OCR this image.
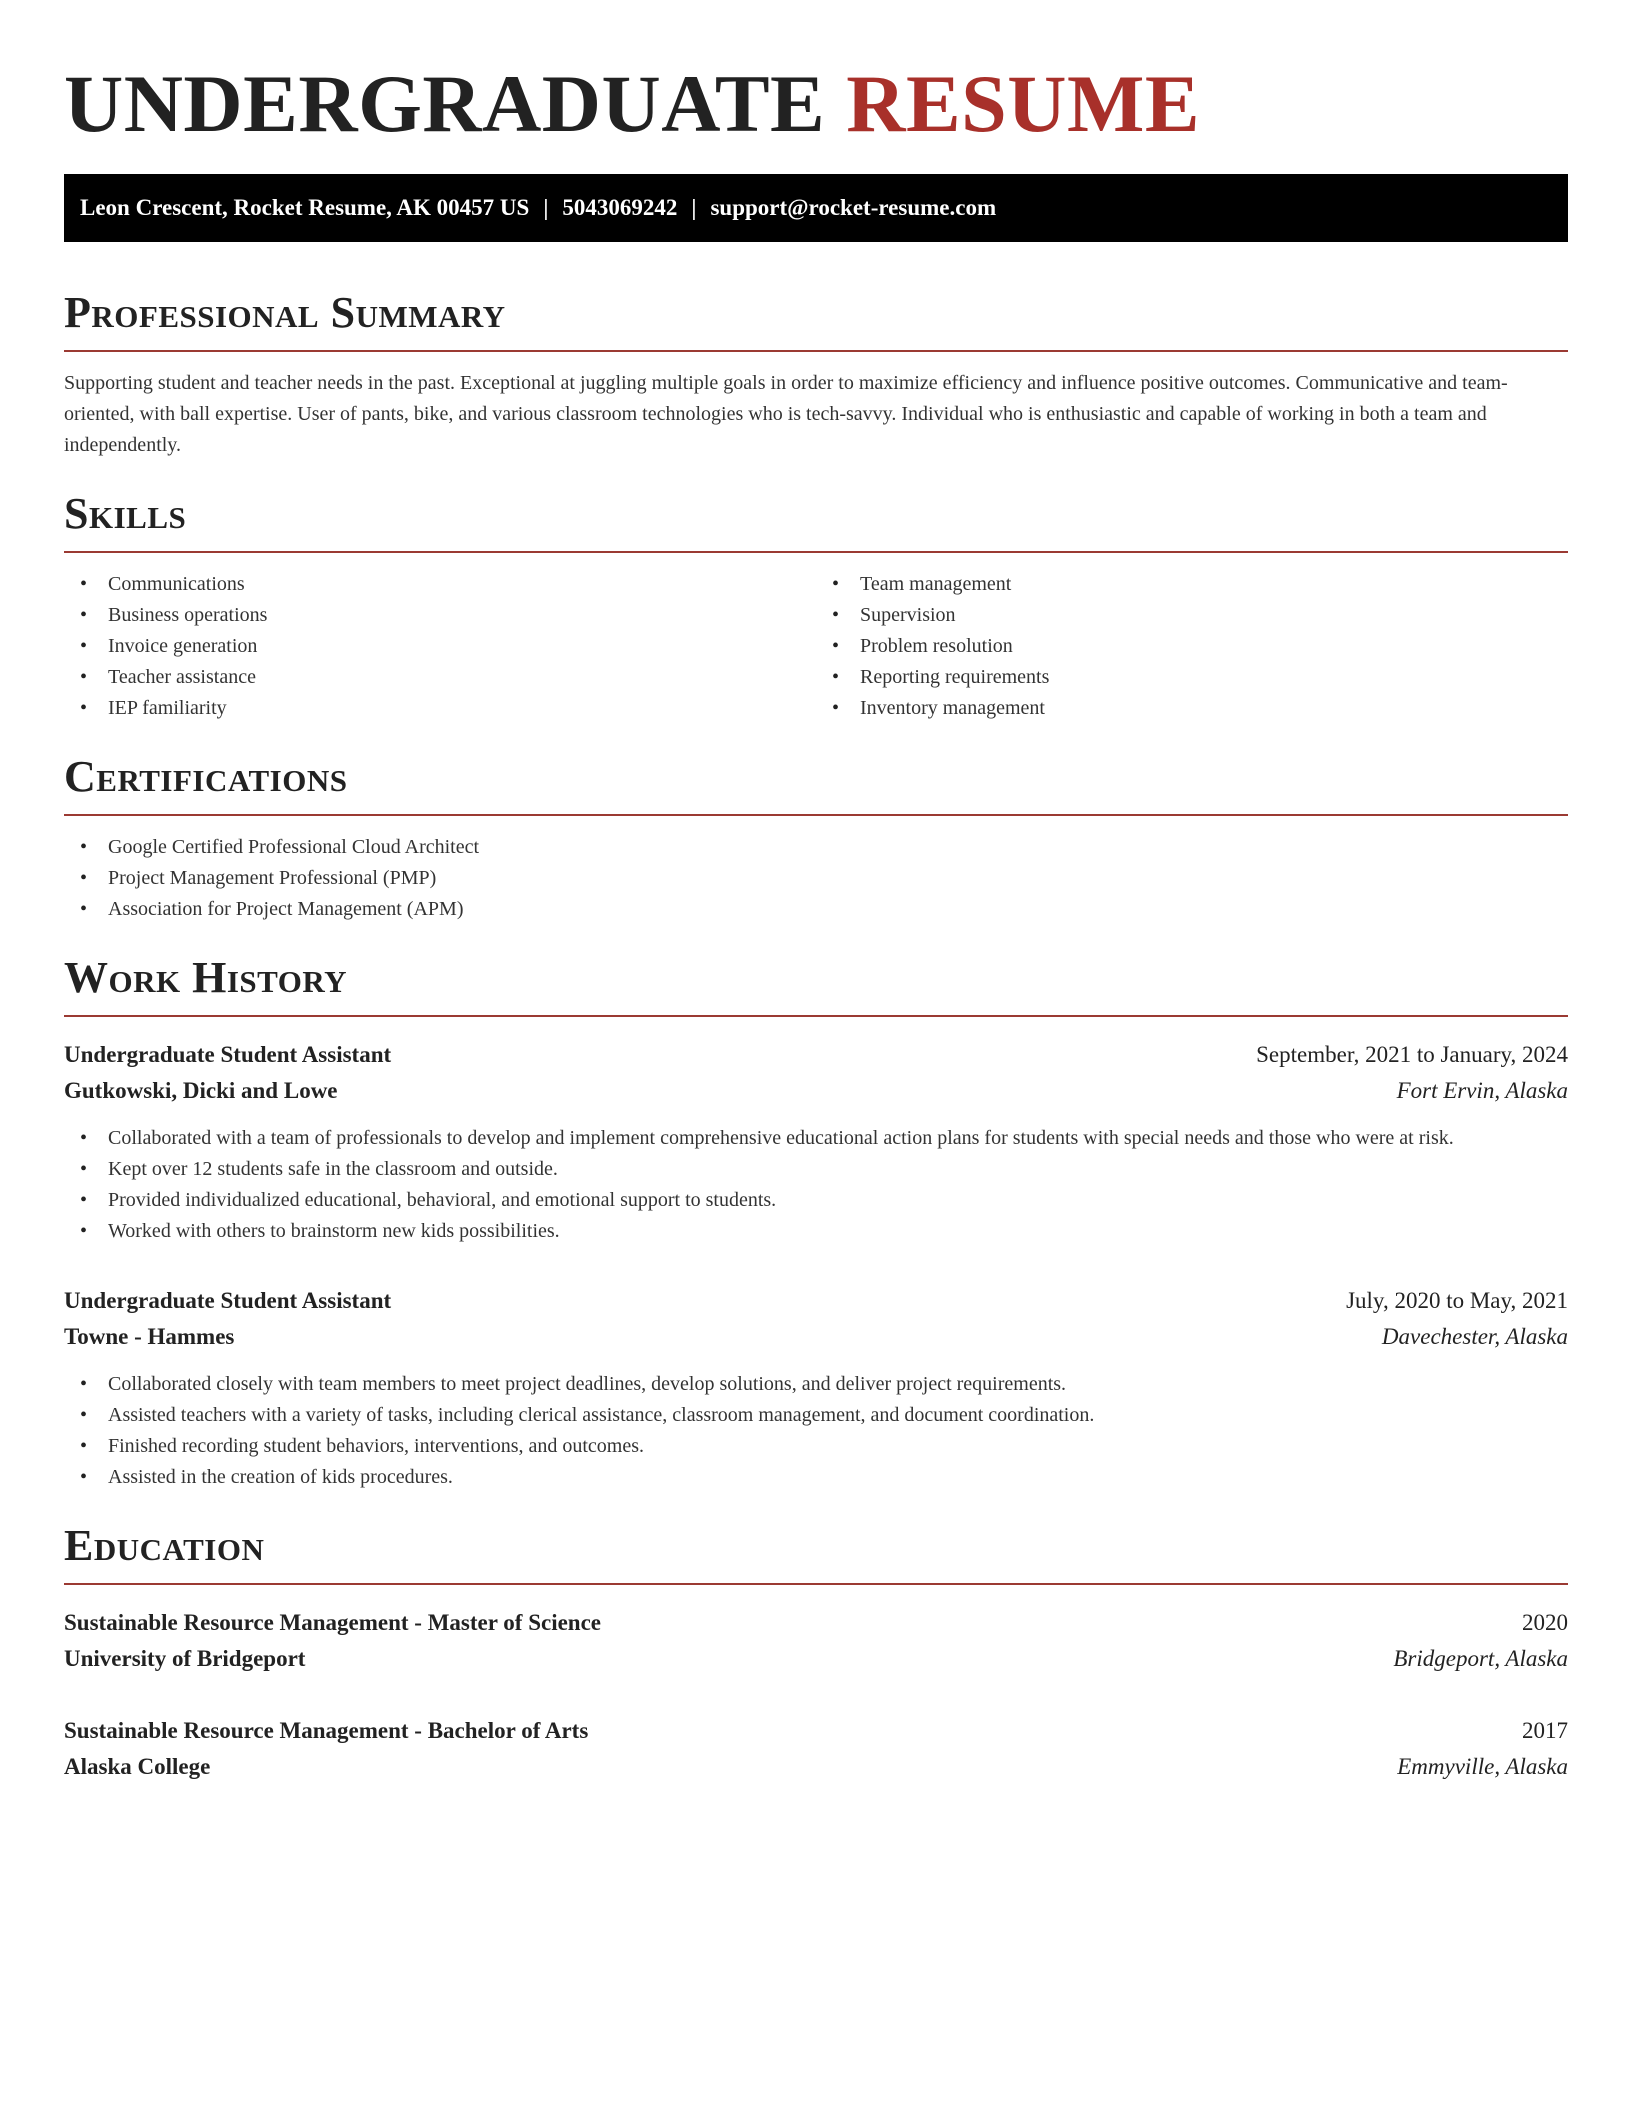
UNDERGRADUATE RESUME
Leon Crescent, Rocket Resume, AK 00457 US | 5043069242 | support@rocket-resume.com
Professional Summary

Supporting student and teacher needs in the past. Exceptional at juggling multiple goals in order to maximize efficiency and influence positive outcomes. Communicative and team-oriented, with ball expertise. User of pants, bike, and various classroom technologies who is tech-savvy. Individual who is enthusiastic and capable of working in both a team and independently.

Skills
• Communications
• Business operations
• Invoice generation
• Teacher assistance
• IEP familiarity
• Team management
• Supervision
• Problem resolution
• Reporting requirements
• Inventory management
Certifications
• Google Certified Professional Cloud Architect
• Project Management Professional (PMP)
• Association for Project Management (APM)
Work History
Undergraduate Student Assistant	September, 2021 to January, 2024
Gutkowski, Dicki and Lowe	Fort Ervin, Alaska
• Collaborated with a team of professionals to develop and implement comprehensive educational action plans for students with special needs and those who were at risk.
• Kept over 12 students safe in the classroom and outside.
• Provided individualized educational, behavioral, and emotional support to students.
• Worked with others to brainstorm new kids possibilities.
Undergraduate Student Assistant	July, 2020 to May, 2021
Towne - Hammes	Davechester, Alaska
• Collaborated closely with team members to meet project deadlines, develop solutions, and deliver project requirements.
• Assisted teachers with a variety of tasks, including clerical assistance, classroom management, and document coordination.
• Finished recording student behaviors, interventions, and outcomes.
• Assisted in the creation of kids procedures.
Education
Sustainable Resource Management - Master of Science	2020
University of Bridgeport	Bridgeport, Alaska
Sustainable Resource Management - Bachelor of Arts	2017
Alaska College	Emmyville, Alaska
